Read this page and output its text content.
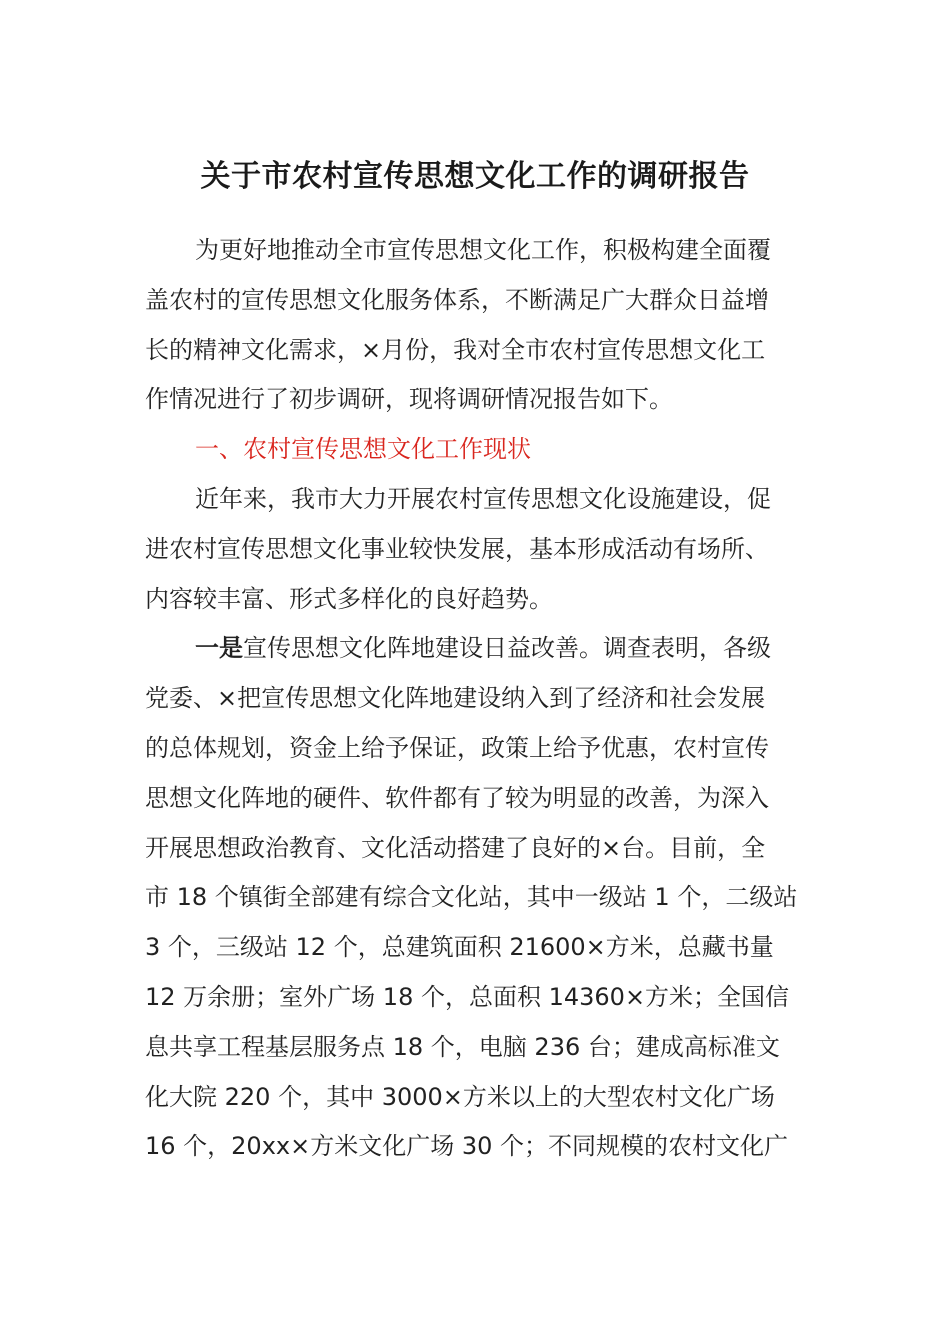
关于市农村宣传思想文化工作的调研报告
为更好地推动全市宣传思想文化工作，积极构建全面覆
盖农村的宣传思想文化服务体系，不断满足广大群众日益增
长的精神文化需求，×月份，我对全市农村宣传思想文化工
作情况进行了初步调研，现将调研情况报告如下。
一、农村宣传思想文化工作现状
近年来，我市大力开展农村宣传思想文化设施建设，促
进农村宣传思想文化事业较快发展，基本形成活动有场所、
内容较丰富、形式多样化的良好趋势。
一是宣传思想文化阵地建设日益改善。调查表明，各级
党委、×把宣传思想文化阵地建设纳入到了经济和社会发展
的总体规划，资金上给予保证，政策上给予优惠，农村宣传
思想文化阵地的硬件、软件都有了较为明显的改善，为深入
开展思想政治教育、文化活动搭建了良好的×台。目前，全
市 18 个镇街全部建有综合文化站，其中一级站 1 个，二级站
3 个，三级站 12 个，总建筑面积 21600×方米，总藏书量
12 万余册；室外广场 18 个，总面积 14360×方米；全国信
息共享工程基层服务点 18 个，电脑 236 台；建成高标准文
化大院 220 个，其中 3000×方米以上的大型农村文化广场
16 个，20xx×方米文化广场 30 个；不同规模的农村文化广
